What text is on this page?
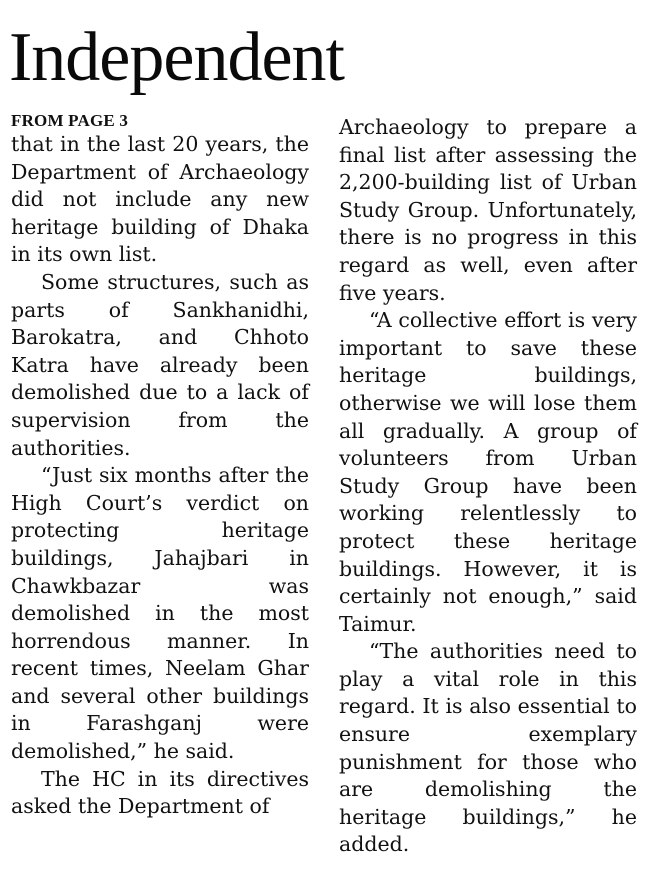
Independent
FROM PAGE 3

that in the last 20 years, the Department of Archaeology did not include any new heritage building of Dhaka in its own list.

Some structures, such as parts of Sankhanidhi, Barokatra, and Chhoto Katra have already been demolished due to a lack of supervision from the authorities.

“Just six months after the High Court’s verdict on protecting heritage buildings, Jahajbari in Chawkbazar was demolished in the most horrendous manner. In recent times, Neelam Ghar and several other buildings in Farashganj were demolished,” he said.

The HC in its directives asked the Department of

Archaeology to prepare a final list after assessing the 2,200-building list of Urban Study Group. Unfortunately, there is no progress in this regard as well, even after five years.

“A collective effort is very important to save these heritage buildings, otherwise we will lose them all gradually. A group of volunteers from Urban Study Group have been working relentlessly to protect these heritage buildings. However, it is certainly not enough,” said Taimur.

“The authorities need to play a vital role in this regard. It is also essential to ensure exemplary punishment for those who are demolishing the heritage buildings,” he added.
